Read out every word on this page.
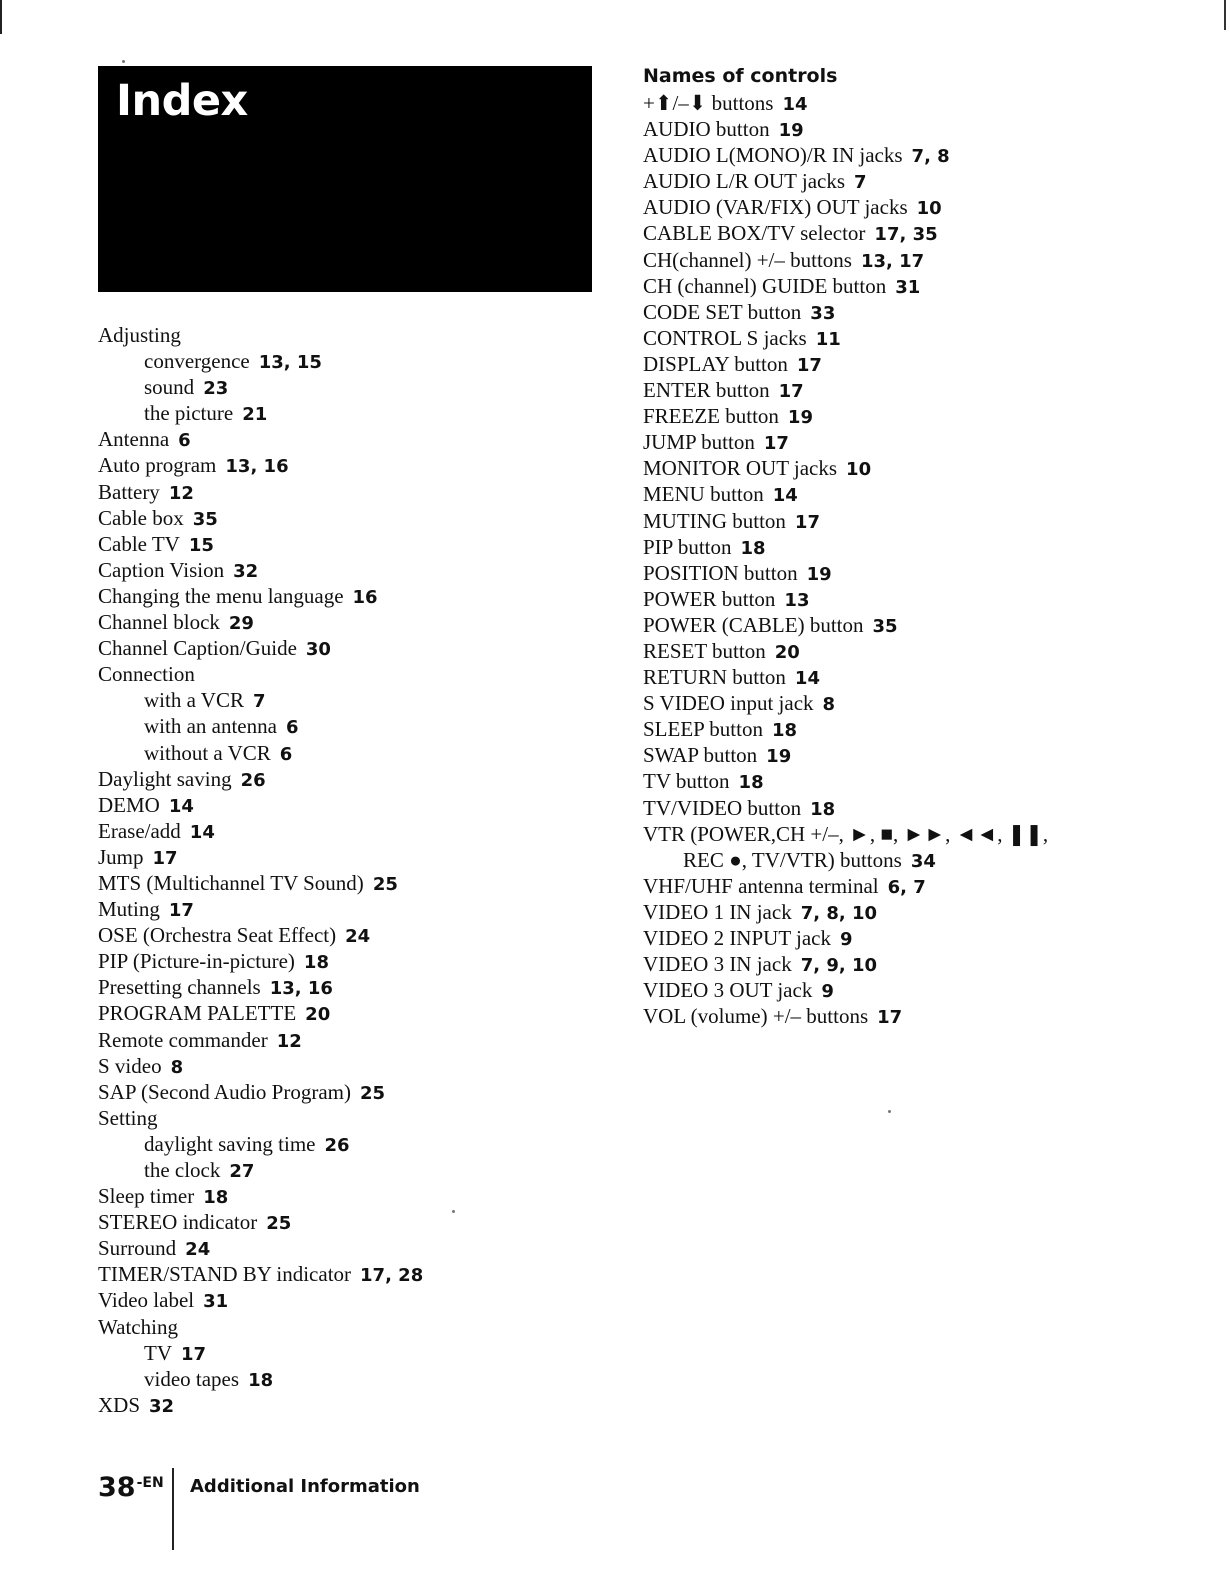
Index
Adjusting
convergence 13, 15
sound 23
the picture 21
Antenna 6
Auto program 13, 16
Battery 12
Cable box 35
Cable TV 15
Caption Vision 32
Changing the menu language 16
Channel block 29
Channel Caption/Guide 30
Connection
with a VCR 7
with an antenna 6
without a VCR 6
Daylight saving 26
DEMO 14
Erase/add 14
Jump 17
MTS (Multichannel TV Sound) 25
Muting 17
OSE (Orchestra Seat Effect) 24
PIP (Picture-in-picture) 18
Presetting channels 13, 16
PROGRAM PALETTE 20
Remote commander 12
S video 8
SAP (Second Audio Program) 25
Setting
daylight saving time 26
the clock 27
Sleep timer 18
STEREO indicator 25
Surround 24
TIMER/STAND BY indicator 17, 28
Video label 31
Watching
TV 17
video tapes 18
XDS 32
Names of controls
+⬆/–⬇ buttons 14
AUDIO button 19
AUDIO L(MONO)/R IN jacks 7, 8
AUDIO L/R OUT jacks 7
AUDIO (VAR/FIX) OUT jacks 10
CABLE BOX/TV selector 17, 35
CH(channel) +/– buttons 13, 17
CH (channel) GUIDE button 31
CODE SET button 33
CONTROL S jacks 11
DISPLAY button 17
ENTER button 17
FREEZE button 19
JUMP button 17
MONITOR OUT jacks 10
MENU button 14
MUTING button 17
PIP button 18
POSITION button 19
POWER button 13
POWER (CABLE) button 35
RESET button 20
RETURN button 14
S VIDEO input jack 8
SLEEP button 18
SWAP button 19
TV button 18
TV/VIDEO button 18
VTR (POWER,CH +/–, ►, ■, ►►, ◄◄, ❚❚,
REC ●, TV/VTR) buttons 34
VHF/UHF antenna terminal 6, 7
VIDEO 1 IN jack 7, 8, 10
VIDEO 2 INPUT jack 9
VIDEO 3 IN jack 7, 9, 10
VIDEO 3 OUT jack 9
VOL (volume) +/– buttons 17
$38^{-EN}$ Additional Information
